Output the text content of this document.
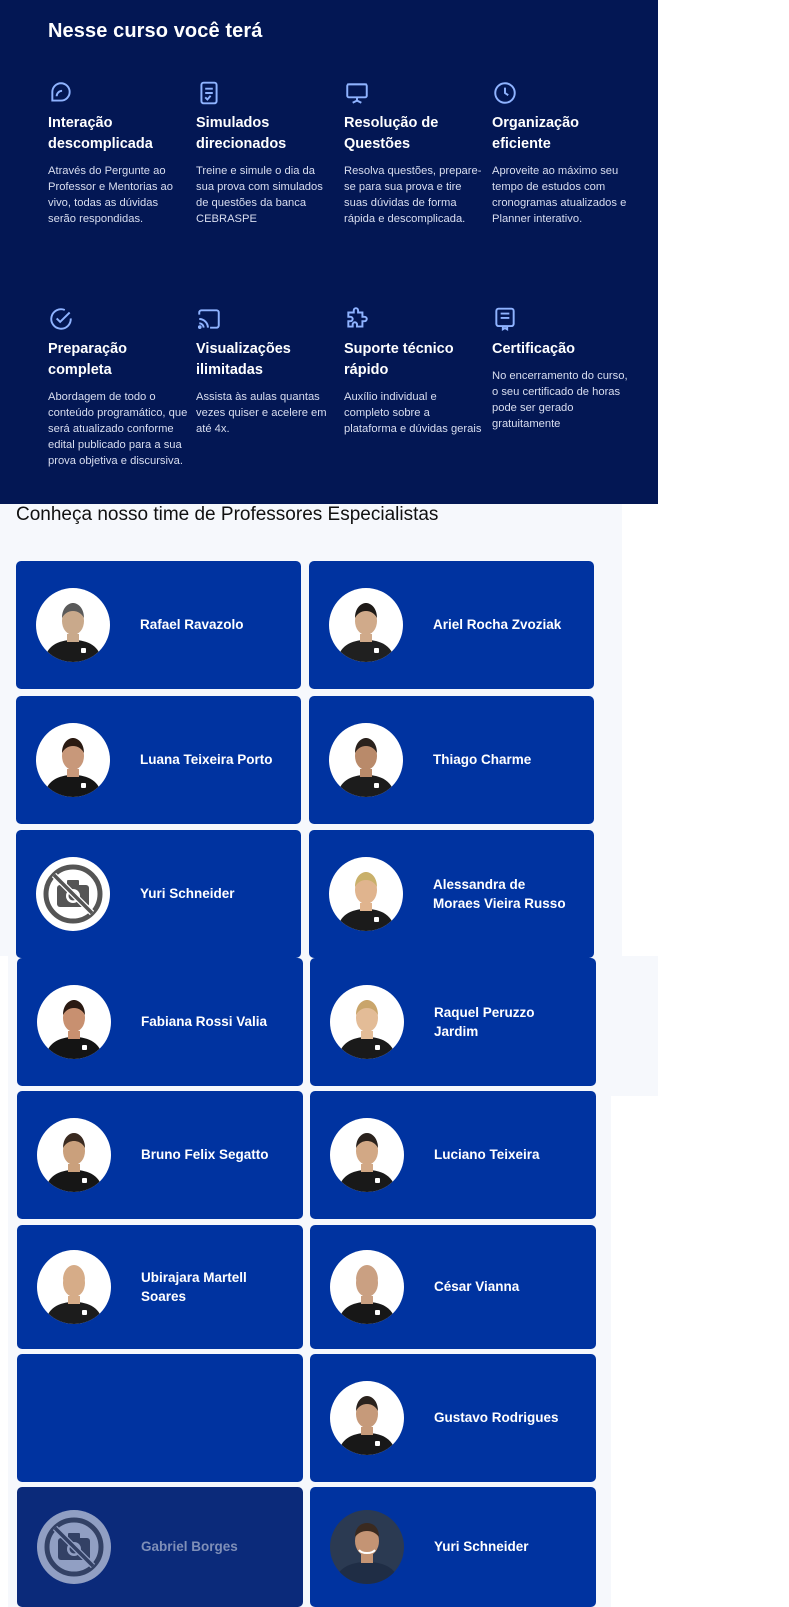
Nesse curso você terá
Interação descomplicada
Através do Pergunte ao Professor e Mentorias ao vivo, todas as dúvidas serão respondidas.
Simulados direcionados
Treine e simule o dia da sua prova com simulados de questões da banca CEBRASPE
Resolução de Questões
Resolva questões, prepare-se para sua prova e tire suas dúvidas de forma rápida e descomplicada.
Organização eficiente
Aproveite ao máximo seu tempo de estudos com cronogramas atualizados e Planner interativo.
Preparação completa
Abordagem de todo o conteúdo programático, que será atualizado conforme edital publicado para a sua prova objetiva e discursiva.
Visualizações ilimitadas
Assista às aulas quantas vezes quiser e acelere em até 4x.
Suporte técnico rápido
Auxílio individual e completo sobre a plataforma e dúvidas gerais
Certificação
No encerramento do curso, o seu certificado de horas pode ser gerado gratuitamente
Conheça nosso time de Professores Especialistas
Rafael Ravazolo	Ariel Rocha Zvoziak
Luana Teixeira Porto	Thiago Charme
Yuri Schneider
Alessandra de Moraes Vieira Russo
Fabiana Rossi Valia
Raquel Peruzzo Jardim
Bruno Felix Segatto	Luciano Teixeira
Ubirajara Martell Soares
César Vianna
Gustavo Rodrigues
Gabriel Borges	Yuri Schneider
